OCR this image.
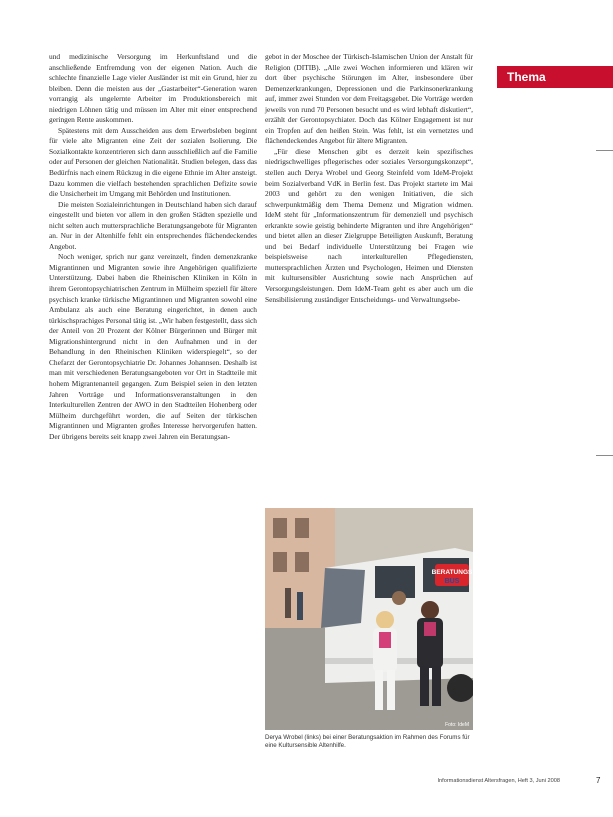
Thema

und medizinische Versorgung im Herkunftsland und die anschließende Entfremdung von der eigenen Nation. Auch die schlechte finanzielle Lage vieler Ausländer ist mit ein Grund, hier zu bleiben. Denn die meisten aus der „Gastarbeiter“-Generation waren vorrangig als ungelernte Arbeiter im Produktionsbereich mit niedrigen Löhnen tätig und müssen im Alter mit einer entsprechend geringen Rente auskommen.

Spätestens mit dem Ausscheiden aus dem Erwerbsleben beginnt für viele alte Migranten eine Zeit der sozialen Isolierung. Die Sozialkontakte konzentrieren sich dann ausschließlich auf die Familie oder auf Personen der gleichen Nationalität. Studien belegen, dass das Bedürfnis nach einem Rückzug in die eigene Ethnie im Alter ansteigt. Dazu kommen die vielfach bestehenden sprachlichen Defizite sowie die Unsicherheit im Umgang mit Behörden und Institutionen.

Die meisten Sozialeinrichtungen in Deutschland haben sich darauf eingestellt und bieten vor allem in den großen Städten spezielle und nicht selten auch muttersprachliche Beratungsangebote für Migranten an. Nur in der Altenhilfe fehlt ein entsprechendes flächendeckendes Angebot.

Noch weniger, sprich nur ganz vereinzelt, finden demenzkranke Migrantinnen und Migranten sowie ihre Angehörigen qualifizierte Unterstützung. Dabei haben die Rheinischen Kliniken in Köln in ihrem Gerontopsychiatrischen Zentrum in Mülheim speziell für ältere psychisch kranke türkische Migrantinnen und Migranten sowohl eine Ambulanz als auch eine Beratung eingerichtet, in denen auch türkischsprachiges Personal tätig ist. „Wir haben festgestellt, dass sich der Anteil von 20 Prozent der Kölner Bürgerinnen und Bürger mit Migrationshintergrund nicht in den Aufnahmen und in der Behandlung in den Rheinischen Kliniken widerspiegelt“, so der Chefarzt der Gerontopsychiatrie Dr. Johannes Johannsen. Deshalb ist man mit verschiedenen Beratungsangeboten vor Ort in Stadtteile mit hohem Migrantenanteil gegangen. Zum Beispiel seien in den letzten Jahren Vorträge und Informationsveranstaltungen in den Interkulturellen Zentren der AWO in den Stadtteilen Hohenberg oder Mülheim durchgeführt worden, die auf Seiten der türkischen Migrantinnen und Migranten großes Interesse hervorgerufen hatten. Der übrigens bereits seit knapp zwei Jahren ein Beratungsan-

gebot in der Moschee der Türkisch-Islamischen Union der Anstalt für Religion (DITIB). „Alle zwei Wochen informieren und klären wir dort über psychische Störungen im Alter, insbesondere über Demenzerkrankungen, Depressionen und die Parkinsonerkrankung auf, immer zwei Stunden vor dem Freitagsgebet. Die Vorträge werden jeweils von rund 70 Personen besucht und es wird lebhaft diskutiert“, erzählt der Gerontopsychiater. Doch das Kölner Engagement ist nur ein Tropfen auf den heißen Stein. Was fehlt, ist ein vernetztes und flächendeckendes Angebot für ältere Migranten.

„Für diese Menschen gibt es derzeit kein spezifisches niedrigschwelliges pflegerisches oder soziales Versorgungskonzept“, stellen auch Derya Wrobel und Georg Steinfeld vom IdeM-Projekt beim Sozialverband VdK in Berlin fest. Das Projekt startete im Mai 2003 und gehört zu den wenigen Initiativen, die sich schwerpunktmäßig dem Thema Demenz und Migration widmen. IdeM steht für „Informationszentrum für demenziell und psychisch erkrankte sowie geistig behinderte Migranten und ihre Angehörigen“ und bietet allen an dieser Zielgruppe Beteiligten Auskunft, Beratung und bei Bedarf individuelle Unterstützung bei Fragen wie beispielsweise nach interkulturellen Pflegediensten, muttersprachlichen Ärzten und Psychologen, Heimen und Diensten mit kultursensibler Ausrichtung sowie nach Ansprüchen auf Versorgungsleistungen. Dem IdeM-Team geht es aber auch um die Sensibilisierung zuständiger Entscheidungs- und Verwaltungsebe-

BERATUNGS
BUS
Foto: IdeM
Derya Wrobel (links) bei einer Beratungsaktion im Rahmen des Forums für eine Kultursensible Altenhilfe.
Informationsdienst Altersfragen, Heft 3, Juni 2008	7
